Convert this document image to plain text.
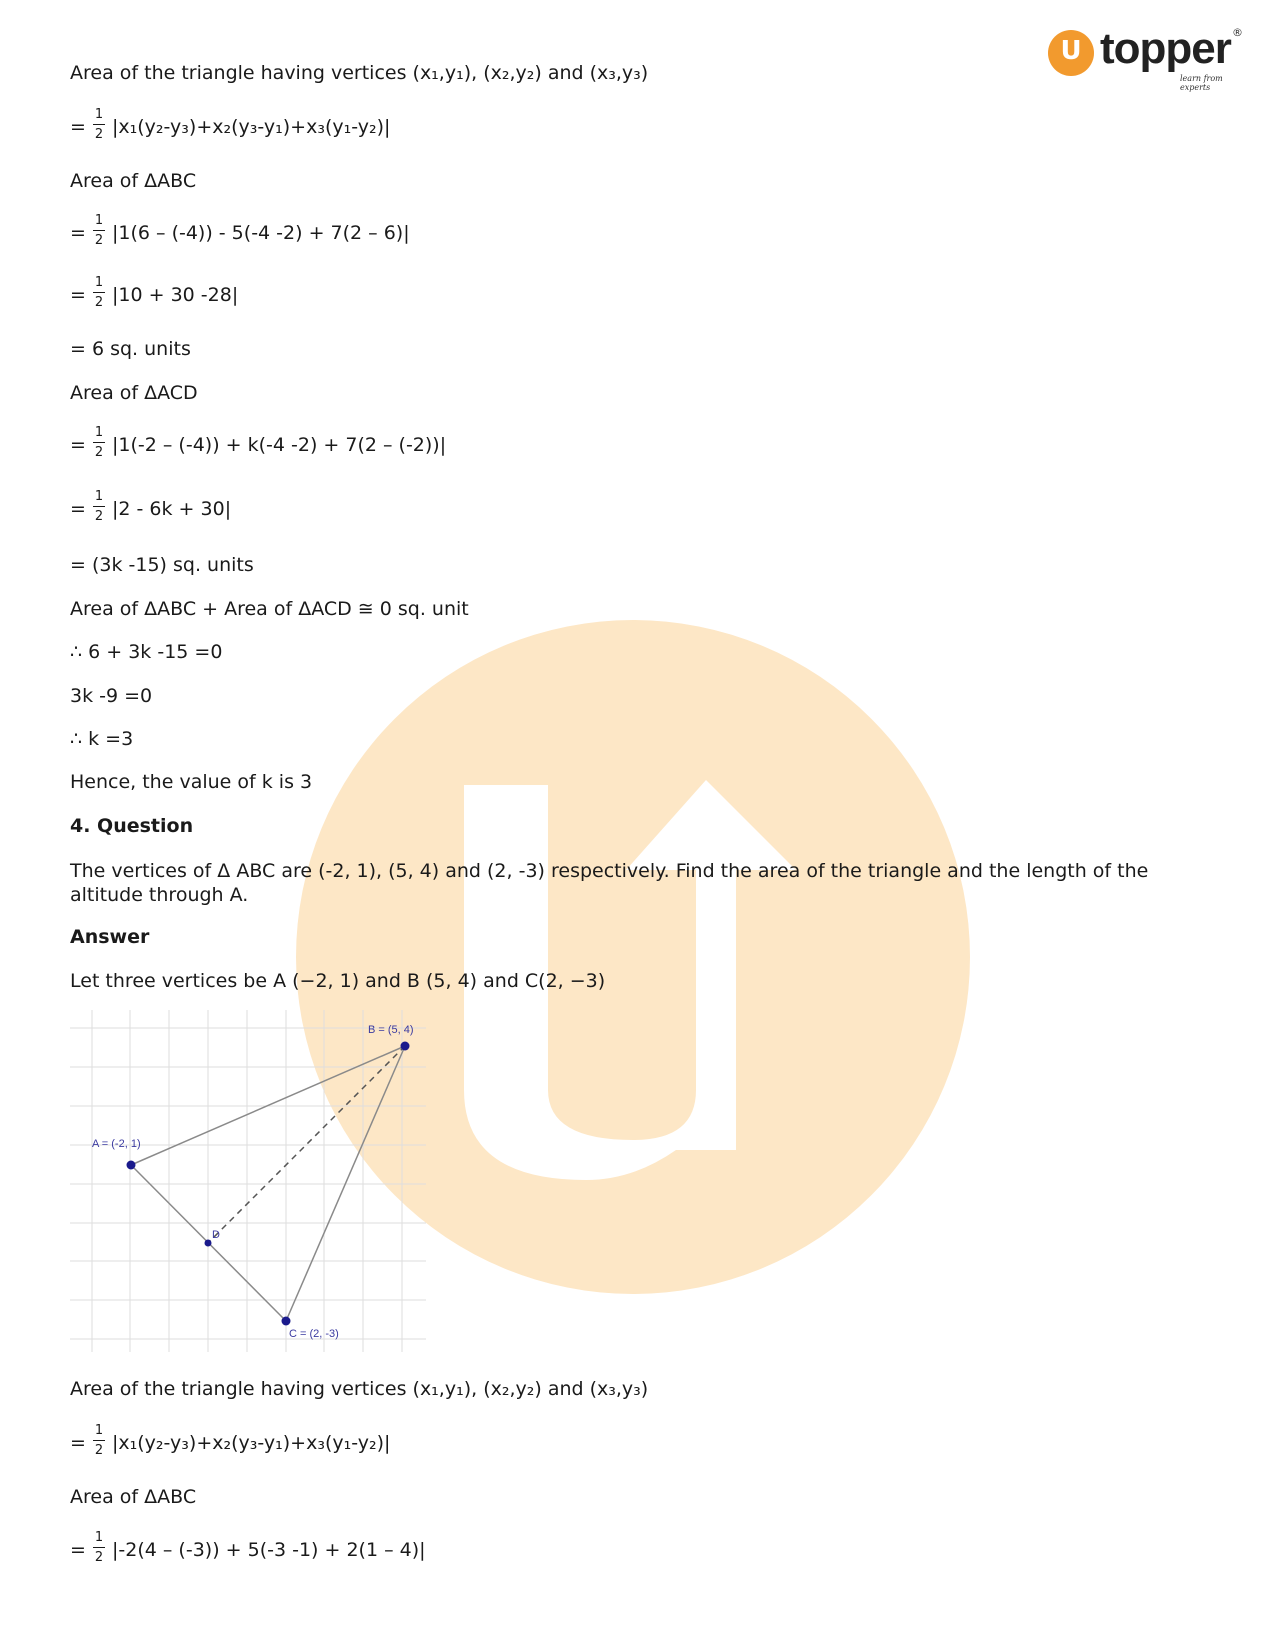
U topper ®
learn from experts
Area of the triangle having vertices (x₁,y₁), (x₂,y₂) and (x₃,y₃)
=
1
2 |x₁(y₂-y₃)+x₂(y₃-y₁)+x₃(y₁-y₂)|
Area of ΔABC
=
1
2 |1(6 – (-4)) - 5(-4 -2) + 7(2 – 6)|
=
1
2 |10 + 30 -28|
= 6 sq. units
Area of ΔACD
=
1
2 |1(-2 – (-4)) + k(-4 -2) + 7(2 – (-2))|
=
1
2 |2 - 6k + 30|
= (3k -15) sq. units
Area of ΔABC + Area of ΔACD ≅ 0 sq. unit
∴ 6 + 3k -15 =0
3k -9 =0
∴ k =3
Hence, the value of k is 3
4. Question
The vertices of Δ ABC are (-2, 1), (5, 4) and (2, -3) respectively. Find the area of the triangle and the length of the altitude through A.
Answer
Let three vertices be A (−2, 1) and B (5, 4) and C(2, −3)
A = (-2, 1)
B = (5, 4)
C = (2, -3)
D
Area of the triangle having vertices (x₁,y₁), (x₂,y₂) and (x₃,y₃)
=
1
2 |x₁(y₂-y₃)+x₂(y₃-y₁)+x₃(y₁-y₂)|
Area of ΔABC
=
1
2 |-2(4 – (-3)) + 5(-3 -1) + 2(1 – 4)|
